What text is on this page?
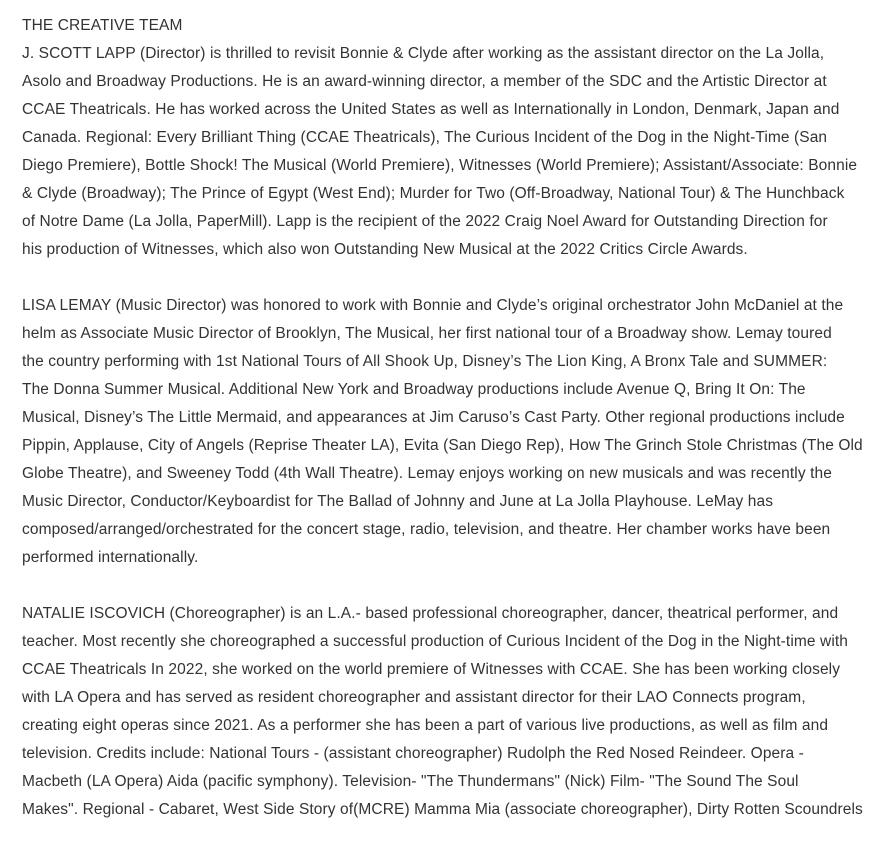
THE CREATIVE TEAM

J. SCOTT LAPP (Director) is thrilled to revisit Bonnie & Clyde after working as the assistant director on the La Jolla,
Asolo and Broadway Productions. He is an award-winning director, a member of the SDC and the Artistic Director at
CCAE Theatricals. He has worked across the United States as well as Internationally in London, Denmark, Japan and
Canada. Regional: Every Brilliant Thing (CCAE Theatricals), The Curious Incident of the Dog in the Night-Time (San
Diego Premiere), Bottle Shock! The Musical (World Premiere), Witnesses (World Premiere); Assistant/Associate: Bonnie
& Clyde (Broadway); The Prince of Egypt (West End); Murder for Two (Off-Broadway, National Tour) & The Hunchback
of Notre Dame (La Jolla, PaperMill). Lapp is the recipient of the 2022 Craig Noel Award for Outstanding Direction for
his production of Witnesses, which also won Outstanding New Musical at the 2022 Critics Circle Awards.
LISA LEMAY (Music Director) was honored to work with Bonnie and Clyde’s original orchestrator John McDaniel at the
helm as Associate Music Director of Brooklyn, The Musical, her first national tour of a Broadway show. Lemay toured
the country performing with 1st National Tours of All Shook Up, Disney’s The Lion King, A Bronx Tale and SUMMER:
The Donna Summer Musical. Additional New York and Broadway productions include Avenue Q, Bring It On: The
Musical, Disney’s The Little Mermaid, and appearances at Jim Caruso’s Cast Party. Other regional productions include
Pippin, Applause, City of Angels (Reprise Theater LA), Evita (San Diego Rep), How The Grinch Stole Christmas (The Old
Globe Theatre), and Sweeney Todd (4th Wall Theatre). Lemay enjoys working on new musicals and was recently the
Music Director, Conductor/Keyboardist for The Ballad of Johnny and June at La Jolla Playhouse. LeMay has
composed/arranged/orchestrated for the concert stage, radio, television, and theatre. Her chamber works have been
performed internationally.
NATALIE ISCOVICH (Choreographer) is an L.A.- based professional choreographer, dancer, theatrical performer, and
teacher. Most recently she choreographed a successful production of Curious Incident of the Dog in the Night-time with
CCAE Theatricals In 2022, she worked on the world premiere of Witnesses with CCAE. She has been working closely
with LA Opera and has served as resident choreographer and assistant director for their LAO Connects program,
creating eight operas since 2021. As a performer she has been a part of various live productions, as well as film and
television. Credits include: National Tours - (assistant choreographer) Rudolph the Red Nosed Reindeer. Opera -
Macbeth (LA Opera) Aida (pacific symphony). Television- "The Thundermans" (Nick) Film- "The Sound The Soul
Makes". Regional - Cabaret, West Side Story of(MCRE) Mamma Mia (associate choreographer), Dirty Rotten Scoundrels
